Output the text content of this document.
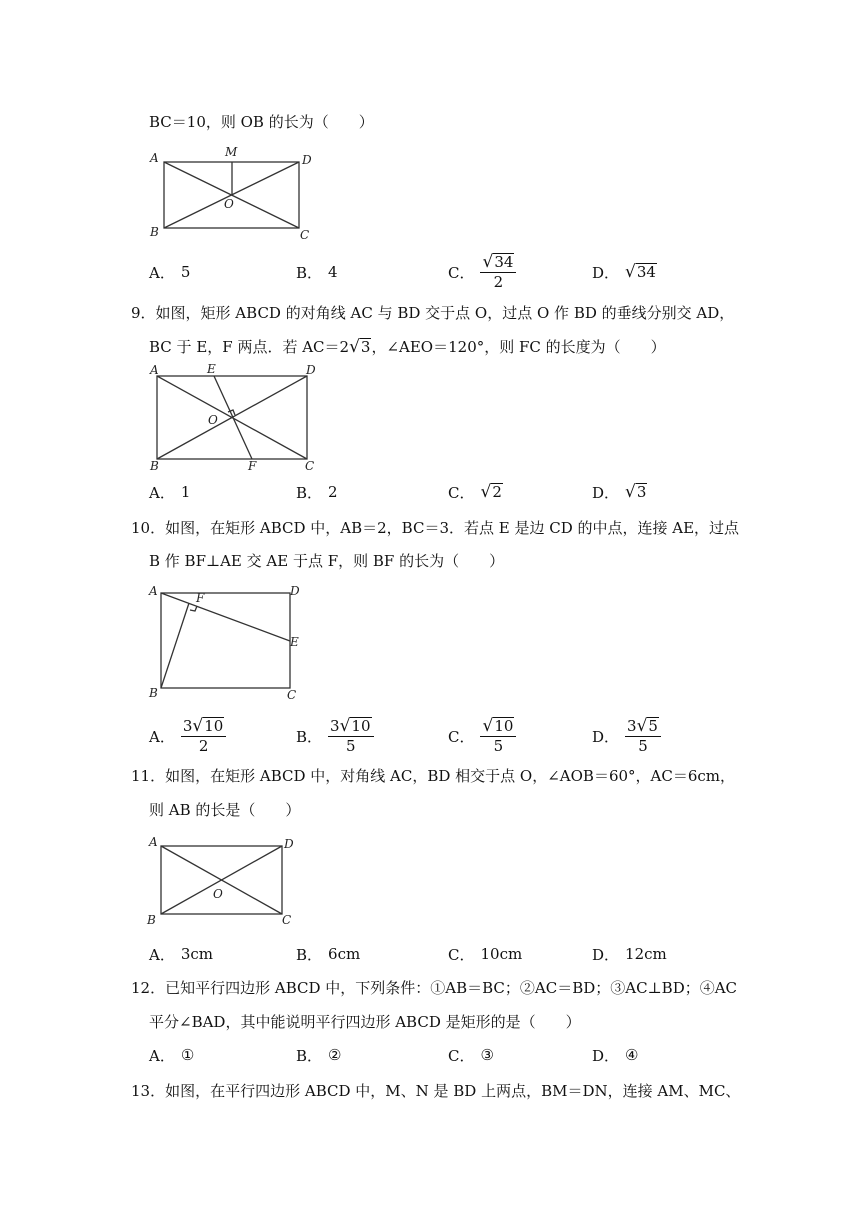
BC＝10，则 OB 的长为（　　）
A	M
D
O
B	C
A． 5	B． 4	C． $\frac{√ 34}{2}$	D． √ 34
9．如图，矩形 ABCD 的对角线 AC 与 BD 交于点 O，过点 O 作 BD 的垂线分别交 AD，
BC 于 E，F 两点．若 AC＝2 √ 3 ，∠AEO＝120°，则 FC 的长度为（　　）
A	E	D
O
B	F	C
A． 1	B． 2	C． √ 2	D． √ 3
10．如图，在矩形 ABCD 中，AB＝2，BC＝3．若点 E 是边 CD 的中点，连接 AE，过点
B 作 BF⊥AE 交 AE 于点 F，则 BF 的长为（　　）
A	F	D
E
B	C
A． $\frac{3 √ 10}{2}$	B． $\frac{3 √ 10}{5}$	C． $\frac{√ 10}{5}$	D． $\frac{3 √ 5}{5}$
11．如图，在矩形 ABCD 中，对角线 AC，BD 相交于点 O，∠AOB＝60°，AC＝6cm，
则 AB 的长是（　　）
A	D
O
B	C
A． 3cm	B． 6cm	C． 10cm	D． 12cm
12．已知平行四边形 ABCD 中，下列条件：①AB＝BC；②AC＝BD；③AC⊥BD；④AC
平分∠BAD，其中能说明平行四边形 ABCD 是矩形的是（　　）
A． ①	B． ②	C． ③	D． ④
13．如图，在平行四边形 ABCD 中，M、N 是 BD 上两点，BM＝DN，连接 AM、MC、
